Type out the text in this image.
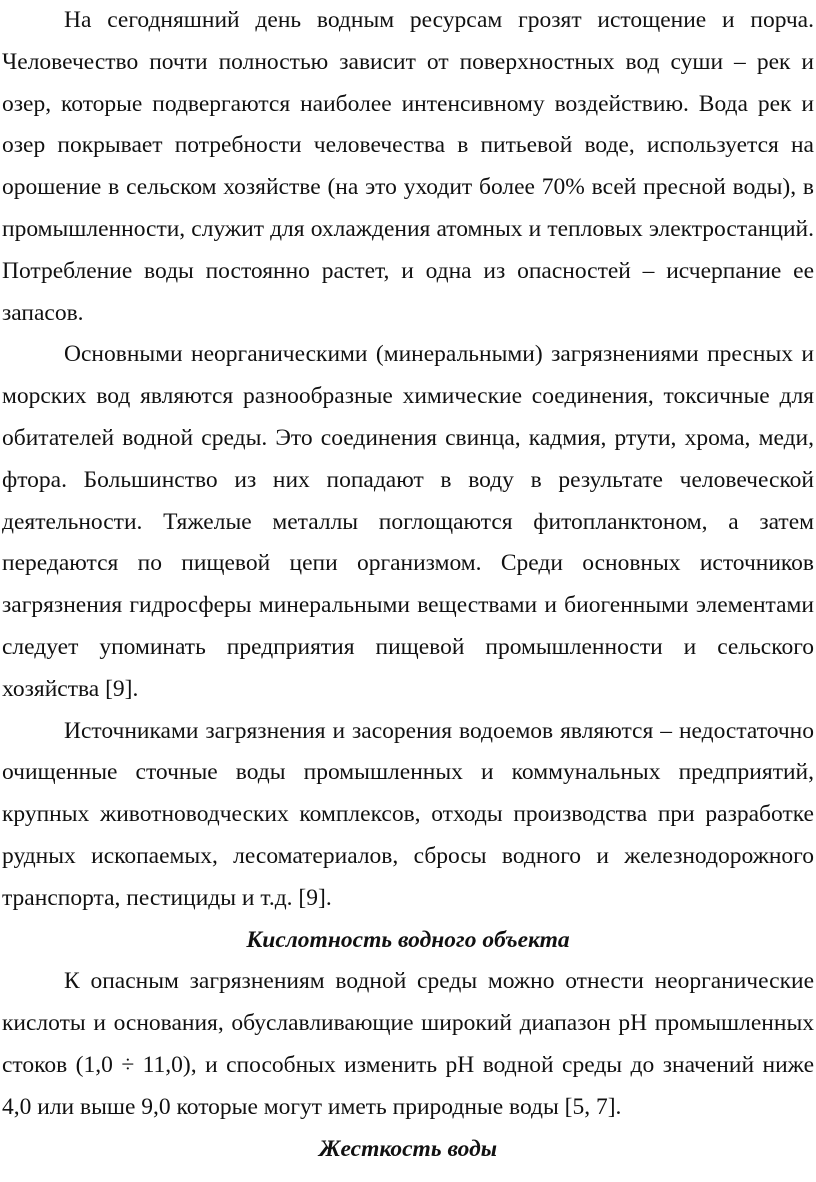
На сегодняшний день водным ресурсам грозят истощение и порча. Человечество почти полностью зависит от поверхностных вод суши – рек и озер, которые подвергаются наиболее интенсивному воздействию. Вода рек и озер покрывает потребности человечества в питьевой воде, используется на орошение в сельском хозяйстве (на это уходит более 70% всей пресной воды), в промышленности, служит для охлаждения атомных и тепловых электростанций. Потребление воды постоянно растет, и одна из опасностей – исчерпание ее запасов.

Основными неорганическими (минеральными) загрязнениями пресных и морских вод являются разнообразные химические соединения, токсичные для обитателей водной среды. Это соединения свинца, кадмия, ртути, хрома, меди, фтора. Большинство из них попадают в воду в результате человеческой деятельности. Тяжелые металлы поглощаются фитопланктоном, а затем передаются по пищевой цепи организмом. Среди основных источников загрязнения гидросферы минеральными веществами и биогенными элементами следует упоминать предприятия пищевой промышленности и сельского хозяйства [9].

Источниками загрязнения и засорения водоемов являются – недостаточно очищенные сточные воды промышленных и коммунальных предприятий, крупных животноводческих комплексов, отходы производства при разработке рудных ископаемых, лесоматериалов, сбросы водного и железнодорожного транспорта, пестициды и т.д. [9].

Кислотность водного объекта

К опасным загрязнениям водной среды можно отнести неорганические кислоты и основания, обуславливающие широкий диапазон pH промышленных стоков (1,0 ÷ 11,0), и способных изменить pH водной среды до значений ниже 4,0 или выше 9,0 которые могут иметь природные воды [5, 7].

Жесткость воды
